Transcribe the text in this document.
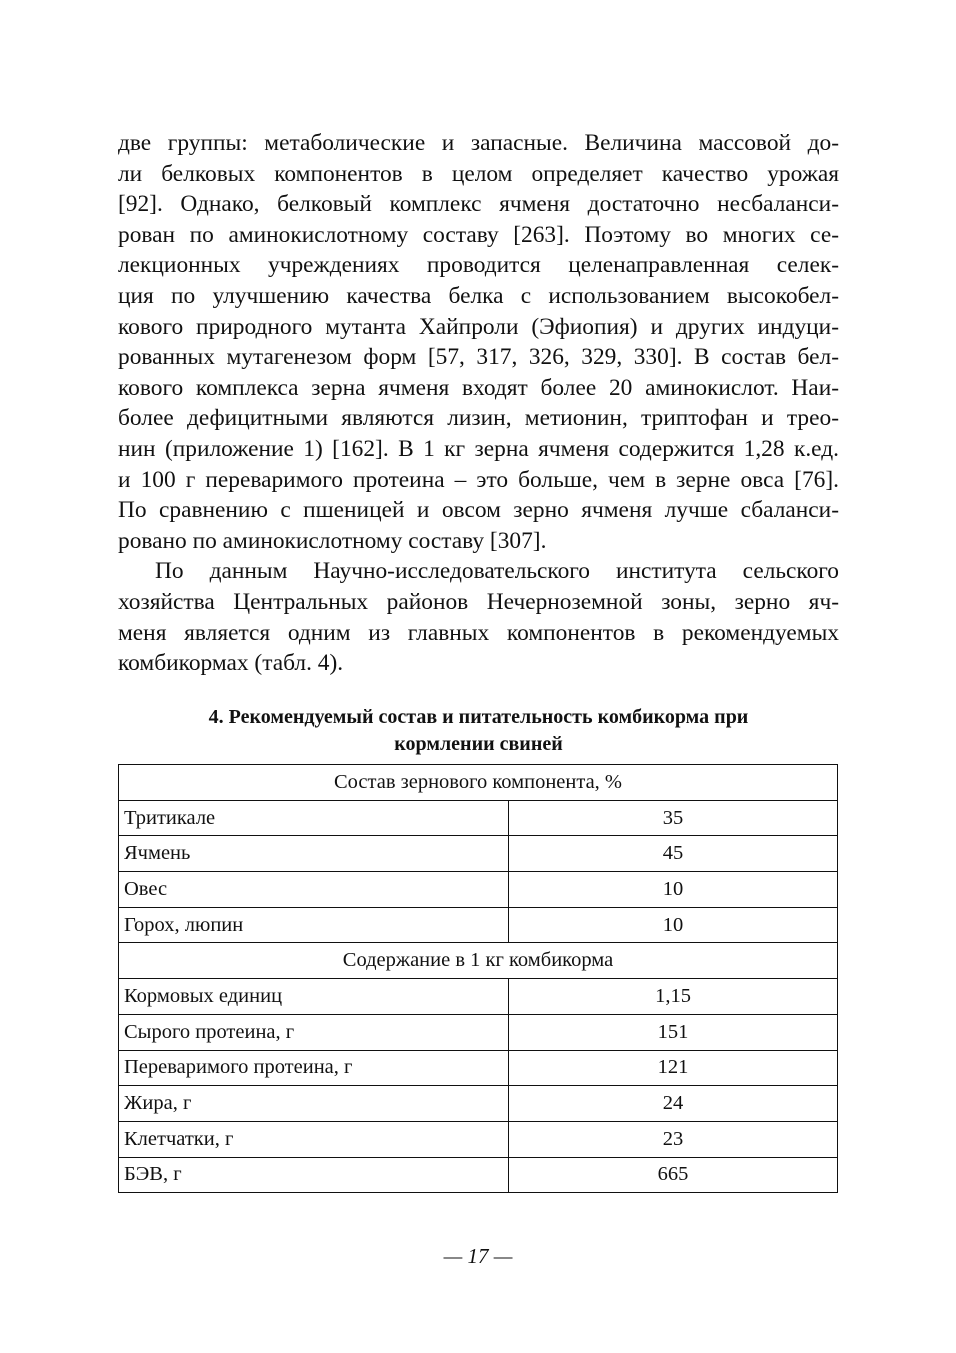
две группы: метаболические и запасные. Величина массовой до-
ли белковых компонентов в целом определяет качество урожая
[92]. Однако, белковый комплекс ячменя достаточно несбаланси-
рован по аминокислотному составу [263]. Поэтому во многих се-
лекционных учреждениях проводится целенаправленная селек-
ция по улучшению качества белка с использованием высокобел-
кового природного мутанта Хайпроли (Эфиопия) и других индуци-
рованных мутагенезом форм [57, 317, 326, 329, 330]. В состав бел-
кового комплекса зерна ячменя входят более 20 аминокислот. Наи-
более дефицитными являются лизин, метионин, триптофан и трео-
нин (приложение 1) [162]. В 1 кг зерна ячменя содержится 1,28 к.ед.
и 100 г переваримого протеина – это больше, чем в зерне овса [76].
По сравнению с пшеницей и овсом зерно ячменя лучше сбаланси-
ровано по аминокислотному составу [307].

По данным Научно-исследовательского института сельского
хозяйства Центральных районов Нечерноземной зоны, зерно яч-
меня является одним из главных компонентов в рекомендуемых
комбикормах (табл. 4).

4. Рекомендуемый состав и питательность комбикорма при
кормлении свиней
Состав зернового компонента, %	
Тритикале	35
Ячмень	45
Овес	10
Горох, люпин	10
Содержание в 1 кг комбикорма	
Кормовых единиц	1,15
Сырого протеина, г	151
Переваримого протеина, г	121
Жира, г	24
Клетчатки, г	23
БЭВ, г	665
— 17 —
